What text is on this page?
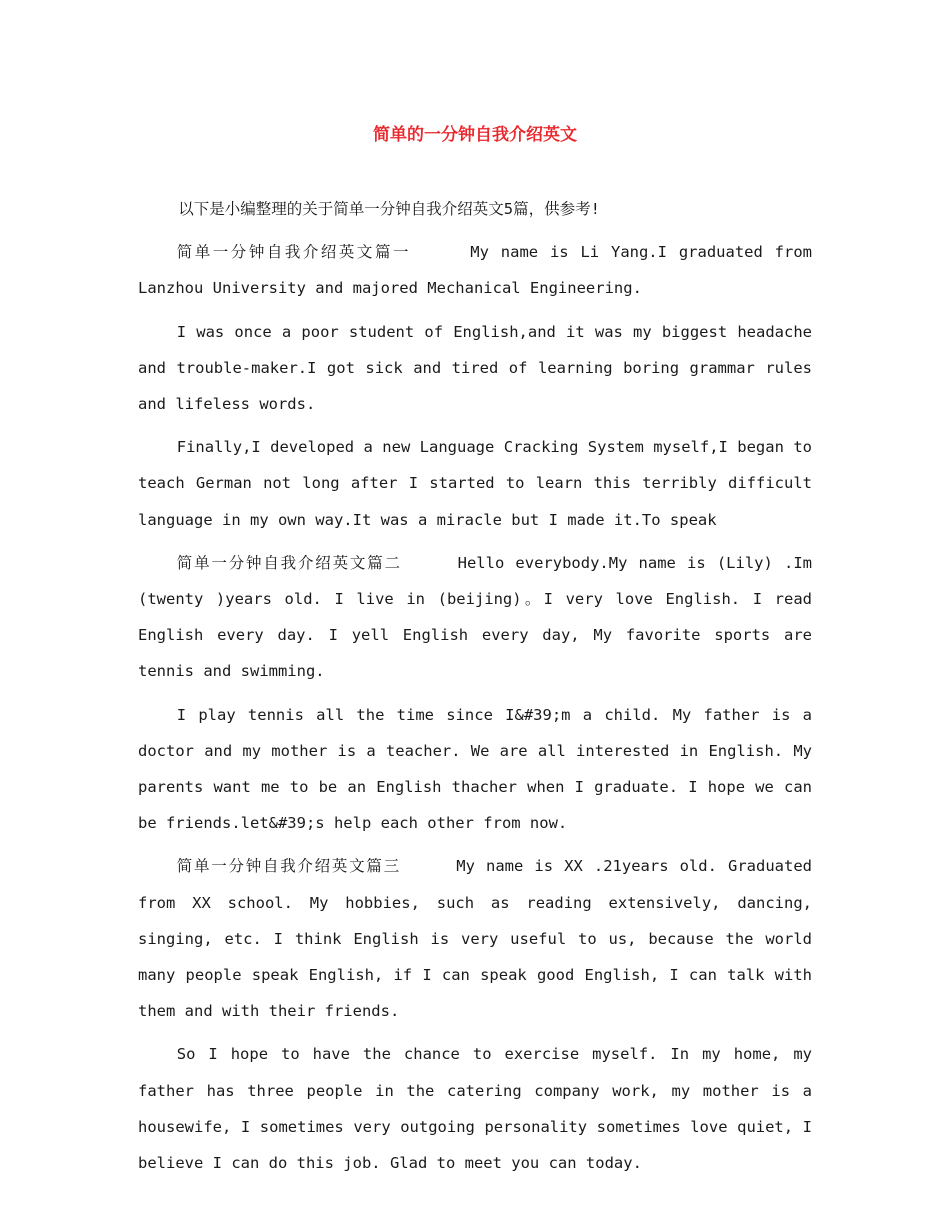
简单的一分钟自我介绍英文

以下是小编整理的关于简单一分钟自我介绍英文5篇，供参考!

简单一分钟自我介绍英文篇一	My name is Li Yang.I graduated from Lanzhou University and majored Mechanical Engineering.

I was once a poor student of English,and it was my biggest headache and trouble-maker.I got sick and tired of learning boring grammar rules and lifeless words.

Finally,I developed a new Language Cracking System myself,I began to teach German not long after I started to learn this terribly difficult language in my own way.It was a miracle but I made it.To speak

简单一分钟自我介绍英文篇二	Hello everybody.My name is (Lily) .Im (twenty )years old. I live in (beijing)。I very love English. I read English every day. I yell English every day, My favorite sports are tennis and swimming.

I play tennis all the time since I&#39;m a child. My father is a doctor and my mother is a teacher. We are all interested in English. My parents want me to be an English thacher when I graduate. I hope we can be friends.let&#39;s help each other from now.

简单一分钟自我介绍英文篇三	My name is XX .21years old. Graduated from XX school. My hobbies, such as reading extensively, dancing, singing, etc. I think English is very useful to us, because the world many people speak English, if I can speak good English, I can talk with them and with their friends.

So I hope to have the chance to exercise myself. In my home, my father has three people in the catering company work, my mother is a housewife, I sometimes very outgoing personality sometimes love quiet, I believe I can do this job. Glad to meet you can today.
